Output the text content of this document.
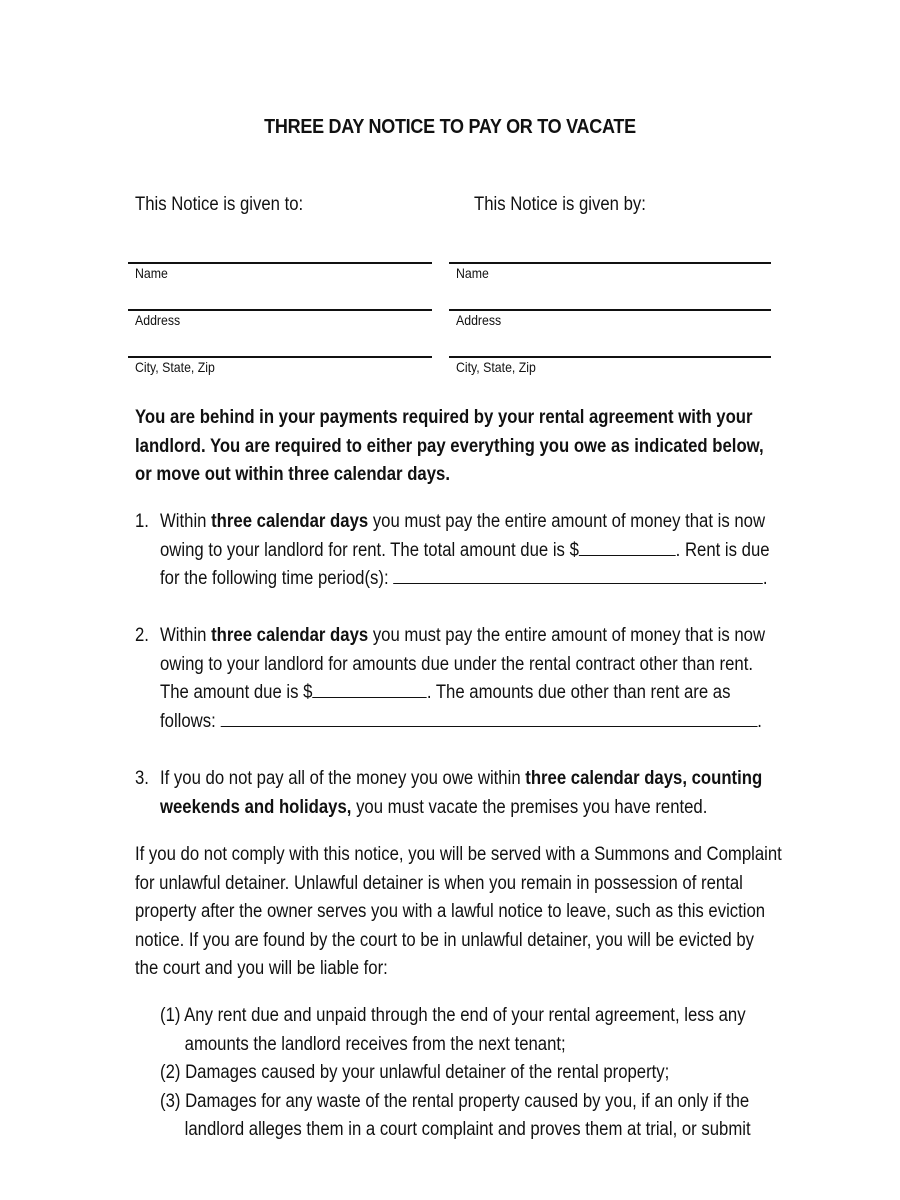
THREE DAY NOTICE TO PAY OR TO VACATE
This Notice is given to:	This Notice is given by:
Name
Address
City, State, Zip
Name
Address
City, State, Zip
You are behind in your payments required by your rental agreement with your
landlord. You are required to either pay everything you owe as indicated below,
or move out within three calendar days.
1. Within three calendar days you must pay the entire amount of money that is now
owing to your landlord for rent. The total amount due is $	. Rent is due
for the following time period(s):	.
2. Within three calendar days you must pay the entire amount of money that is now
owing to your landlord for amounts due under the rental contract other than rent.
The amount due is $	. The amounts due other than rent are as
follows:	.
3. If you do not pay all of the money you owe within three calendar days, counting
weekends and holidays, you must vacate the premises you have rented.
If you do not comply with this notice, you will be served with a Summons and Complaint
for unlawful detainer. Unlawful detainer is when you remain in possession of rental
property after the owner serves you with a lawful notice to leave, such as this eviction
notice. If you are found by the court to be in unlawful detainer, you will be evicted by
the court and you will be liable for:
(1) Any rent due and unpaid through the end of your rental agreement, less any
amounts the landlord receives from the next tenant;
(2) Damages caused by your unlawful detainer of the rental property;
(3) Damages for any waste of the rental property caused by you, if an only if the
landlord alleges them in a court complaint and proves them at trial, or submit
